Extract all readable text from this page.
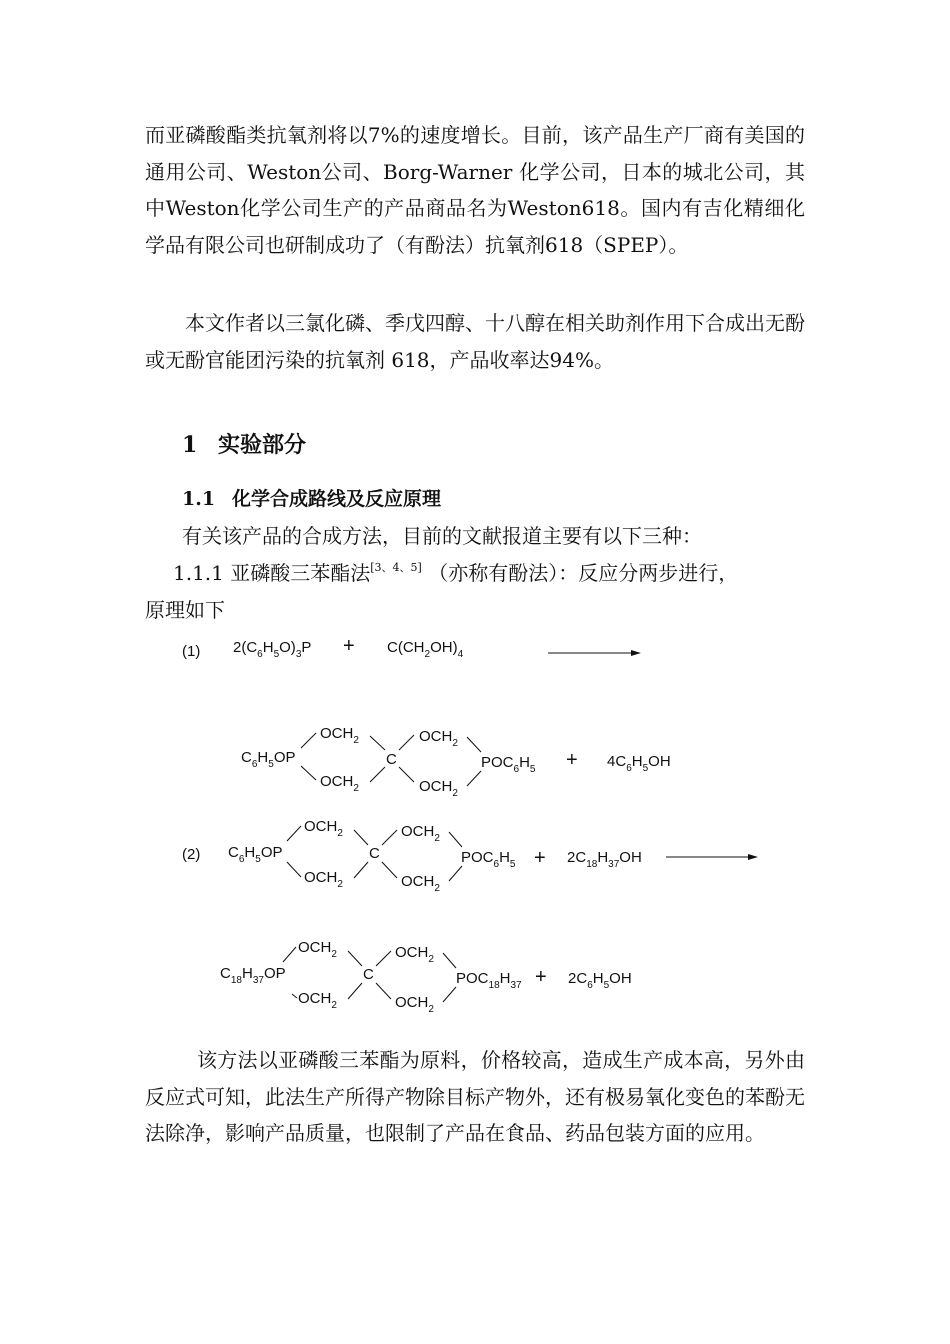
而亚磷酸酯类抗氧剂将以7%的速度增长。目前，该产品生产厂商有美国的通用公司、Weston公司、Borg-Warner 化学公司，日本的城北公司，其中Weston化学公司生产的产品商品名为Weston618。国内有吉化精细化学品有限公司也研制成功了（有酚法）抗氧剂618（SPEP）。

本文作者以三氯化磷、季戊四醇、十八醇在相关助剂作用下合成出无酚或无酚官能团污染的抗氧剂 618，产品收率达94%。

1 实验部分
1.1 化学合成路线及反应原理

有关该产品的合成方法，目前的文献报道主要有以下三种：

1.1.1 亚磷酸三苯酯法[3、4、5] （亦称有酚法）：反应分两步进行，

原理如下

(1) $2(C_6H_5O)_3P + C(CH_2OH)_4$
$C_6H_5OP$
$OCH_2$
$OCH_2$
C
$OCH_2$
$OCH_2$
$POC_6H_5 + 4C_6H_5OH$
(2) $C_6H_5OP$
$OCH_2$
$OCH_2$
C
$OCH_2$
$OCH_2$
$POC_6H_5 + 2C_{18}H_{37}OH$
$C_{18}H_{37}OP$
$OCH_2$
$OCH_2$
C
$OCH_2$
$OCH_2$
$POC_{18}H_{37} + 2C_6H_5OH$

该方法以亚磷酸三苯酯为原料，价格较高，造成生产成本高，另外由反应式可知，此法生产所得产物除目标产物外，还有极易氧化变色的苯酚无法除净，影响产品质量，也限制了产品在食品、药品包装方面的应用。
